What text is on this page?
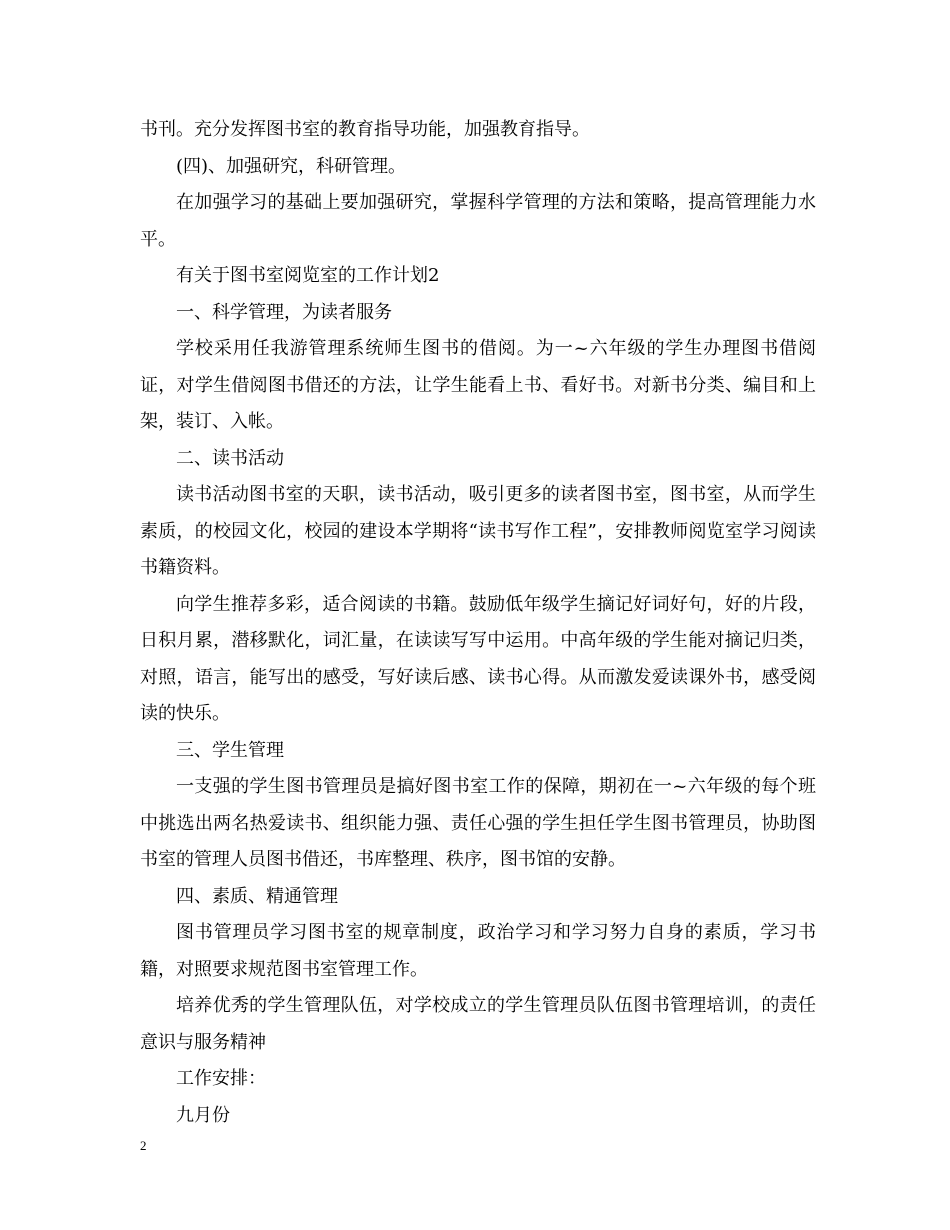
书刊。充分发挥图书室的教育指导功能，加强教育指导。

(四)、加强研究，科研管理。

在加强学习的基础上要加强研究，掌握科学管理的方法和策略，提高管理能力水平。

有关于图书室阅览室的工作计划2

一、科学管理，为读者服务

学校采用任我游管理系统师生图书的借阅。为一~六年级的学生办理图书借阅证，对学生借阅图书借还的方法，让学生能看上书、看好书。对新书分类、编目和上架，装订、入帐。

二、读书活动

读书活动图书室的天职，读书活动，吸引更多的读者图书室，图书室，从而学生素质，的校园文化，校园的建设本学期将“读书写作工程”，安排教师阅览室学习阅读书籍资料。

向学生推荐多彩，适合阅读的书籍。鼓励低年级学生摘记好词好句，好的片段，日积月累，潜移默化，词汇量，在读读写写中运用。中高年级的学生能对摘记归类，对照，语言，能写出的感受，写好读后感、读书心得。从而激发爱读课外书，感受阅读的快乐。

三、学生管理

一支强的学生图书管理员是搞好图书室工作的保障，期初在一~六年级的每个班中挑选出两名热爱读书、组织能力强、责任心强的学生担任学生图书管理员，协助图书室的管理人员图书借还，书库整理、秩序，图书馆的安静。

四、素质、精通管理

图书管理员学习图书室的规章制度，政治学习和学习努力自身的素质，学习书籍，对照要求规范图书室管理工作。

培养优秀的学生管理队伍，对学校成立的学生管理员队伍图书管理培训，的责任意识与服务精神

工作安排：

九月份

2
